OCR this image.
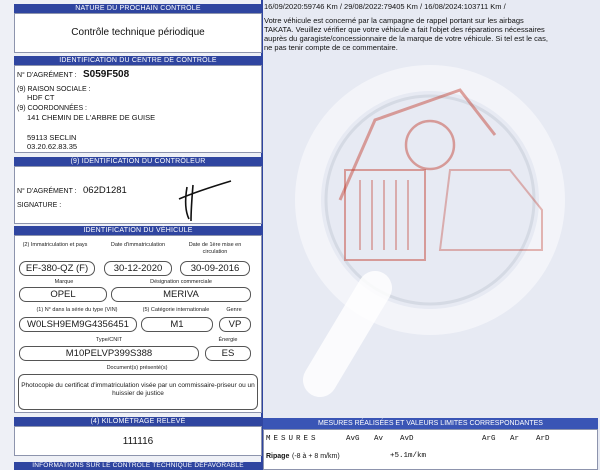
NATURE DU PROCHAIN CONTRÔLE
Contrôle technique périodique
IDENTIFICATION DU CENTRE DE CONTRÔLE
N° D'AGRÉMENT : S059F508
(9) RAISON SOCIALE :
HDF CT
(9) COORDONNÉES :
141 CHEMIN DE L'ARBRE DE GUISE
59113 SECLIN
03.20.62.83.35
(9) IDENTIFICATION DU CONTRÔLEUR
N° D'AGRÉMENT : 062D1281
SIGNATURE :
IDENTIFICATION DU VÉHICULE
(2) Immatriculation et pays	Date d'immatriculation	Date de 1ère mise en circulation
EF-380-QZ (F)	30-12-2020	30-09-2016
Marque	Désignation commerciale
OPEL	MERIVA
(1) N° dans la série du type (VIN)	(5) Catégorie internationale	Genre
W0LSH9EM9G4356451	M1	VP
Type/CNIT	Énergie
M10PELVP399S388	ES
Document(s) présenté(s)
Photocopie du certificat d'immatriculation visée par un commissaire-priseur ou un huissier de justice
(4) KILOMÉTRAGE RELEVÉ
111116
INFORMATIONS SUR LE CONTRÔLE TECHNIQUE DÉFAVORABLE
16/09/2020:59746 Km / 29/08/2022:79405 Km / 16/08/2024:103711 Km /
Votre véhicule est concerné par la campagne de rappel portant sur les airbags
TAKATA. Veuillez vérifier que votre véhicule a fait l'objet des réparations nécessaires
auprès du garagiste/concessionnaire de la marque de votre véhicule. Si tel est le cas,
ne pas tenir compte de ce commentaire.
MESURES RÉALISÉES ET VALEURS LIMITES CORRESPONDANTES
MESURES	AvG Av AvD	ArG Ar ArD
Ripage (-8 à + 8 m/km)	+5.1m/km
